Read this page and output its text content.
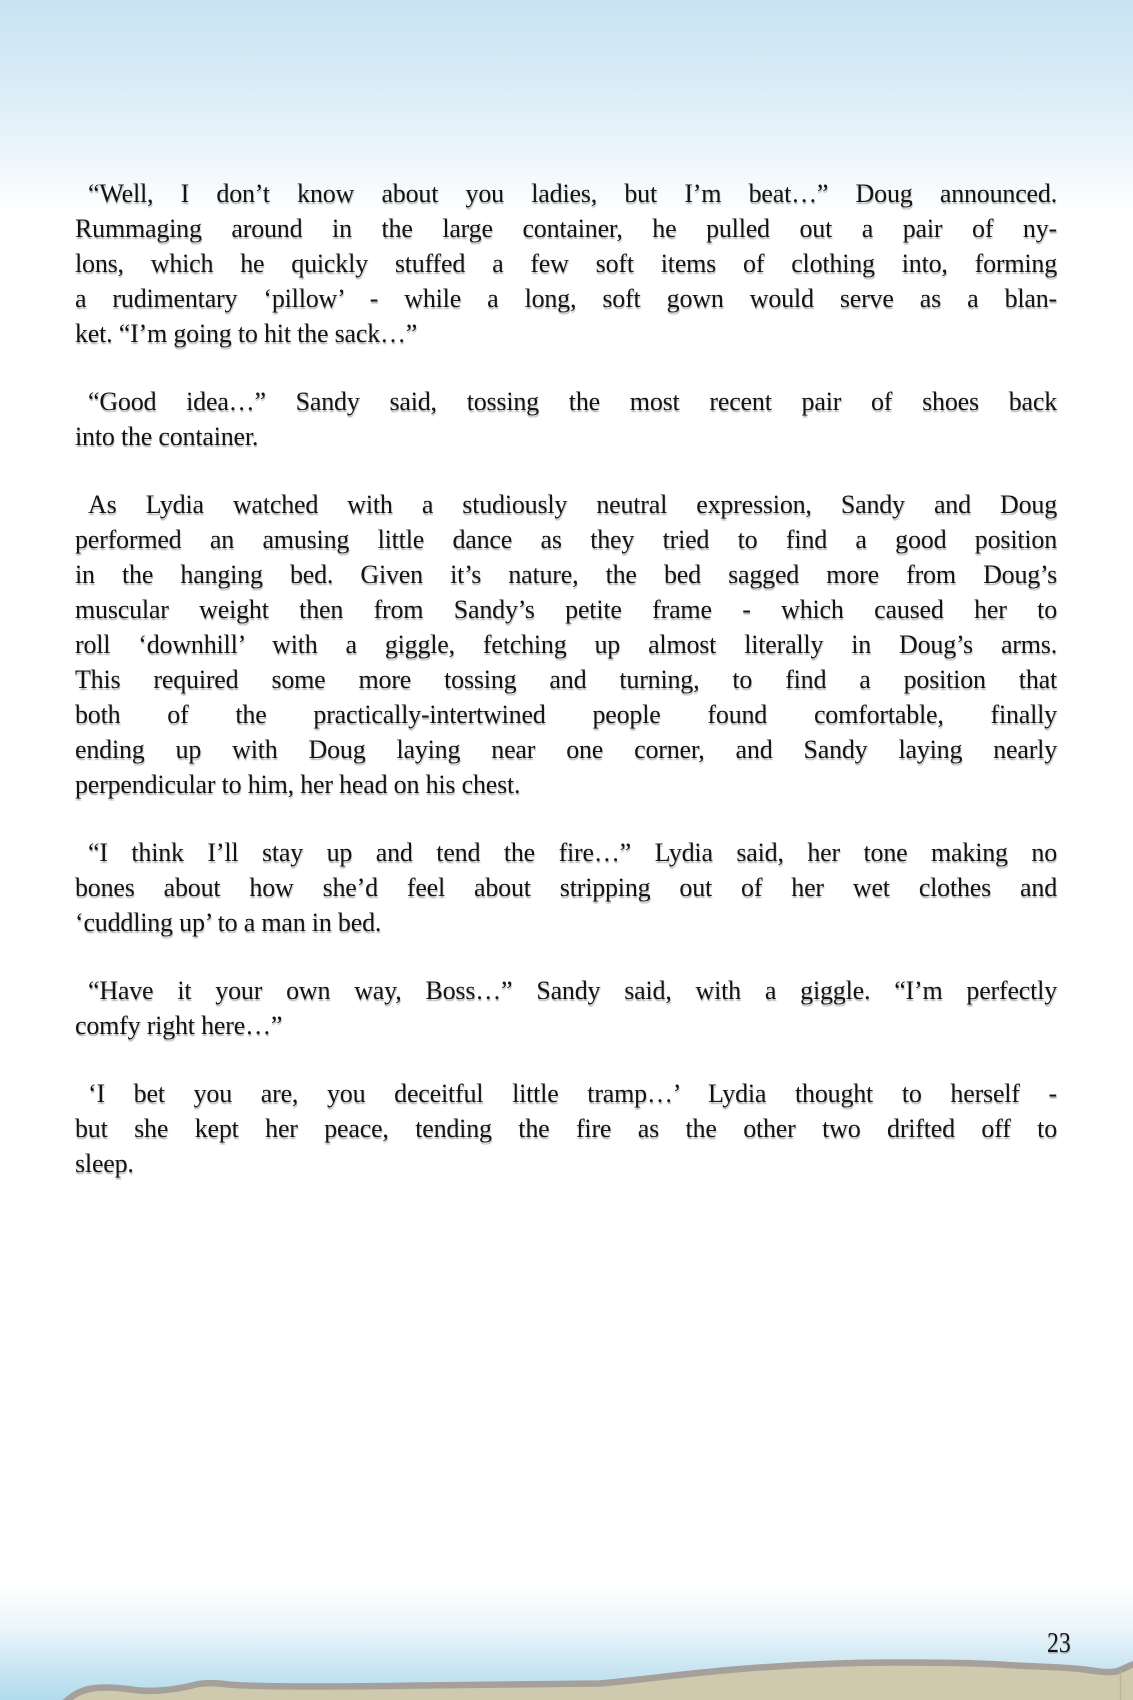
“Well, I don’t know about you ladies, but I’m beat…” Doug announced.
Rummaging around in the large container, he pulled out a pair of ny-
lons, which he quickly stuffed a few soft items of clothing into, forming
a rudimentary ‘pillow’ - while a long, soft gown would serve as a blan-
ket. “I’m going to hit the sack…”

“Good idea…” Sandy said, tossing the most recent pair of shoes back
into the container.

As Lydia watched with a studiously neutral expression, Sandy and Doug
performed an amusing little dance as they tried to find a good position
in the hanging bed. Given it’s nature, the bed sagged more from Doug’s
muscular weight then from Sandy’s petite frame - which caused her to
roll ‘downhill’ with a giggle, fetching up almost literally in Doug’s arms.
This required some more tossing and turning, to find a position that
both of the practically-intertwined people found comfortable, finally
ending up with Doug laying near one corner, and Sandy laying nearly
perpendicular to him, her head on his chest.

“I think I’ll stay up and tend the fire…” Lydia said, her tone making no
bones about how she’d feel about stripping out of her wet clothes and
‘cuddling up’ to a man in bed.

“Have it your own way, Boss…” Sandy said, with a giggle. “I’m perfectly
comfy right here…”

‘I bet you are, you deceitful little tramp…’ Lydia thought to herself -
but she kept her peace, tending the fire as the other two drifted off to
sleep.

23
